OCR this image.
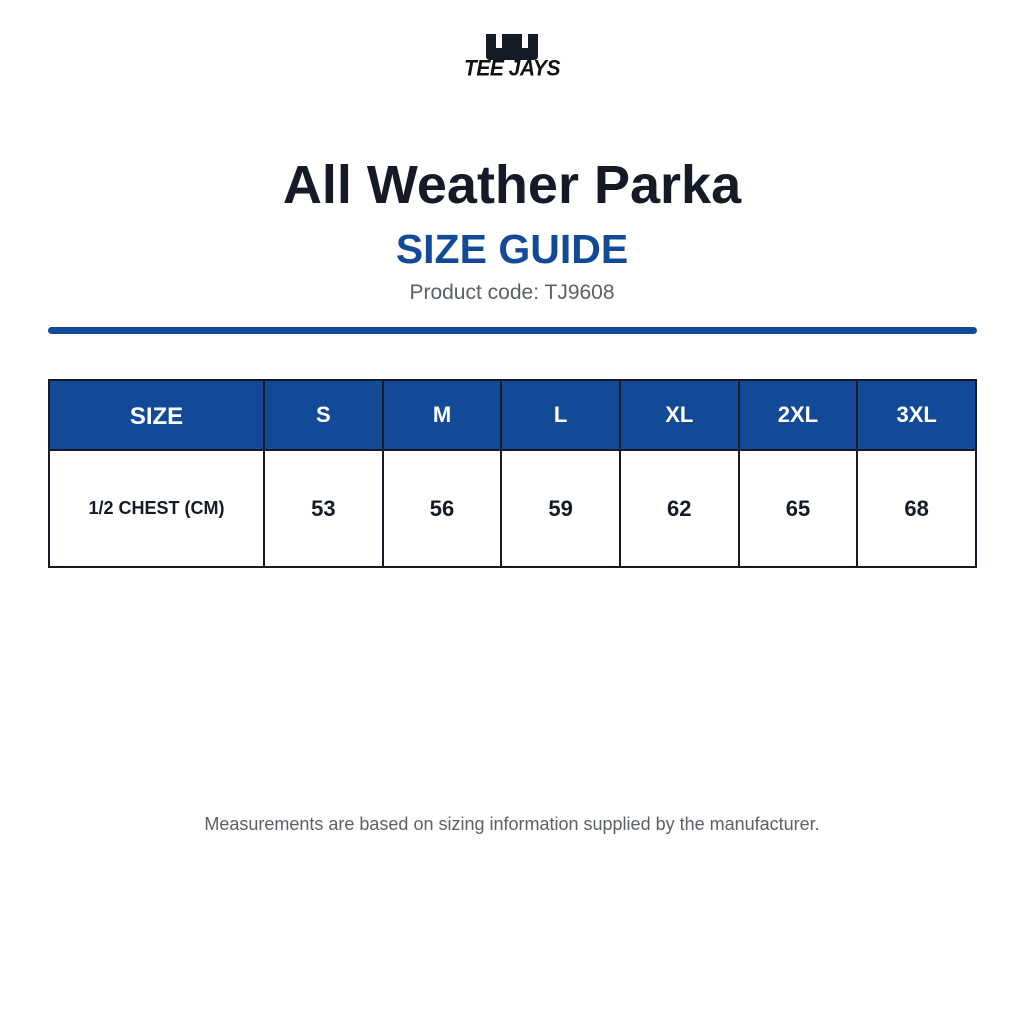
TEE JAYS
All Weather Parka
SIZE GUIDE
Product code: TJ9608
SIZE	S	M	L	XL	2XL	3XL
1/2 CHEST (CM)	53	56	59	62	65	68
Measurements are based on sizing information supplied by the manufacturer.
